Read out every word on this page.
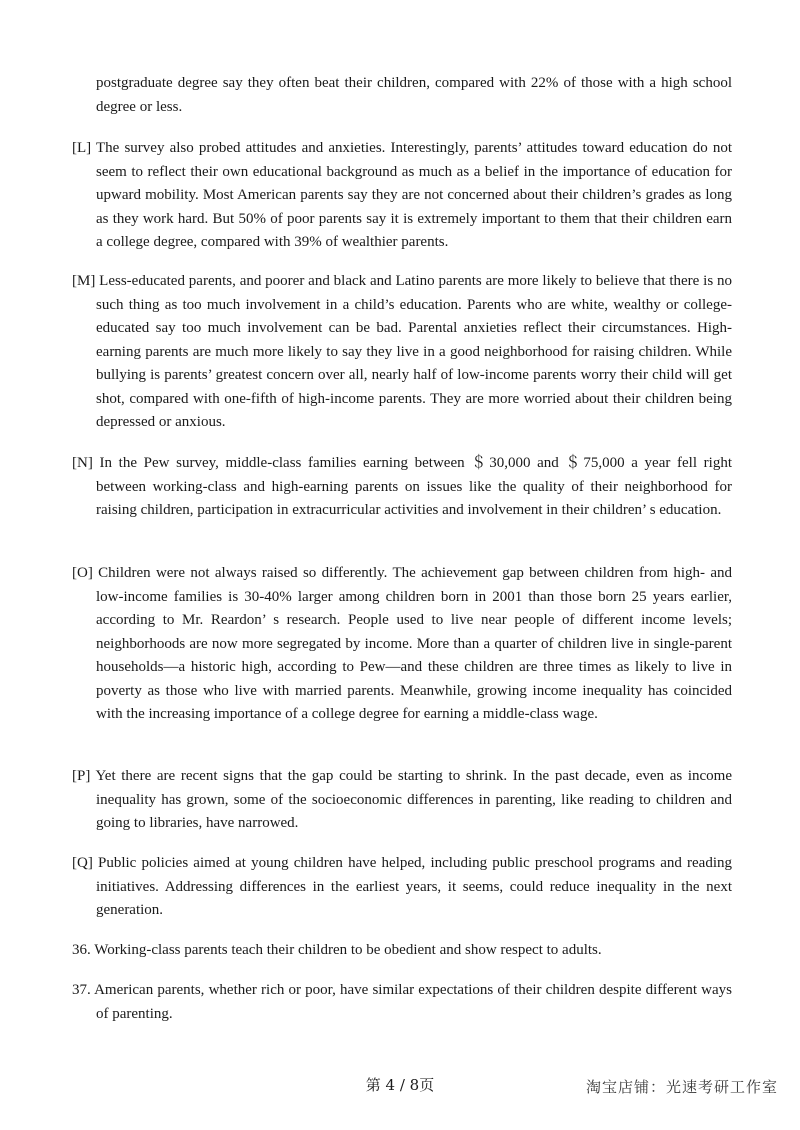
postgraduate degree say they often beat their children, compared with 22% of those with a high school degree or less.
[L] The survey also probed attitudes and anxieties. Interestingly, parents’ attitudes toward education do not seem to reflect their own educational background as much as a belief in the importance of education for upward mobility. Most American parents say they are not concerned about their children’s grades as long as they work hard. But 50% of poor parents say it is extremely important to them that their children earn a college degree, compared with 39% of wealthier parents.
[M] Less-educated parents, and poorer and black and Latino parents are more likely to believe that there is no such thing as too much involvement in a child’s education. Parents who are white, wealthy or college-educated say too much involvement can be bad. Parental anxieties reflect their circumstances. High-earning parents are much more likely to say they live in a good neighborhood for raising children. While bullying is parents’ greatest concern over all, nearly half of low-income parents worry their child will get shot, compared with one-fifth of high-income parents. They are more worried about their children being depressed or anxious.
[N] In the Pew survey, middle-class families earning between ＄30,000 and ＄75,000 a year fell right between working-class and high-earning parents on issues like the quality of their neighborhood for raising children, participation in extracurricular activities and involvement in their children’ s education.
[O] Children were not always raised so differently. The achievement gap between children from high- and low-income families is 30-40% larger among children born in 2001 than those born 25 years earlier, according to Mr. Reardon’ s research. People used to live near people of different income levels; neighborhoods are now more segregated by income. More than a quarter of children live in single-parent households—a historic high, according to Pew—and these children are three times as likely to live in poverty as those who live with married parents. Meanwhile, growing income inequality has coincided with the increasing importance of a college degree for earning a middle-class wage.
[P] Yet there are recent signs that the gap could be starting to shrink. In the past decade, even as income inequality has grown, some of the socioeconomic differences in parenting, like reading to children and going to libraries, have narrowed.
[Q] Public policies aimed at young children have helped, including public preschool programs and reading initiatives. Addressing differences in the earliest years, it seems, could reduce inequality in the next generation.
36. Working-class parents teach their children to be obedient and show respect to adults.
37. American parents, whether rich or poor, have similar expectations of their children despite different ways of parenting.
第 4 / 8页	淘宝店铺：光速考研工作室
